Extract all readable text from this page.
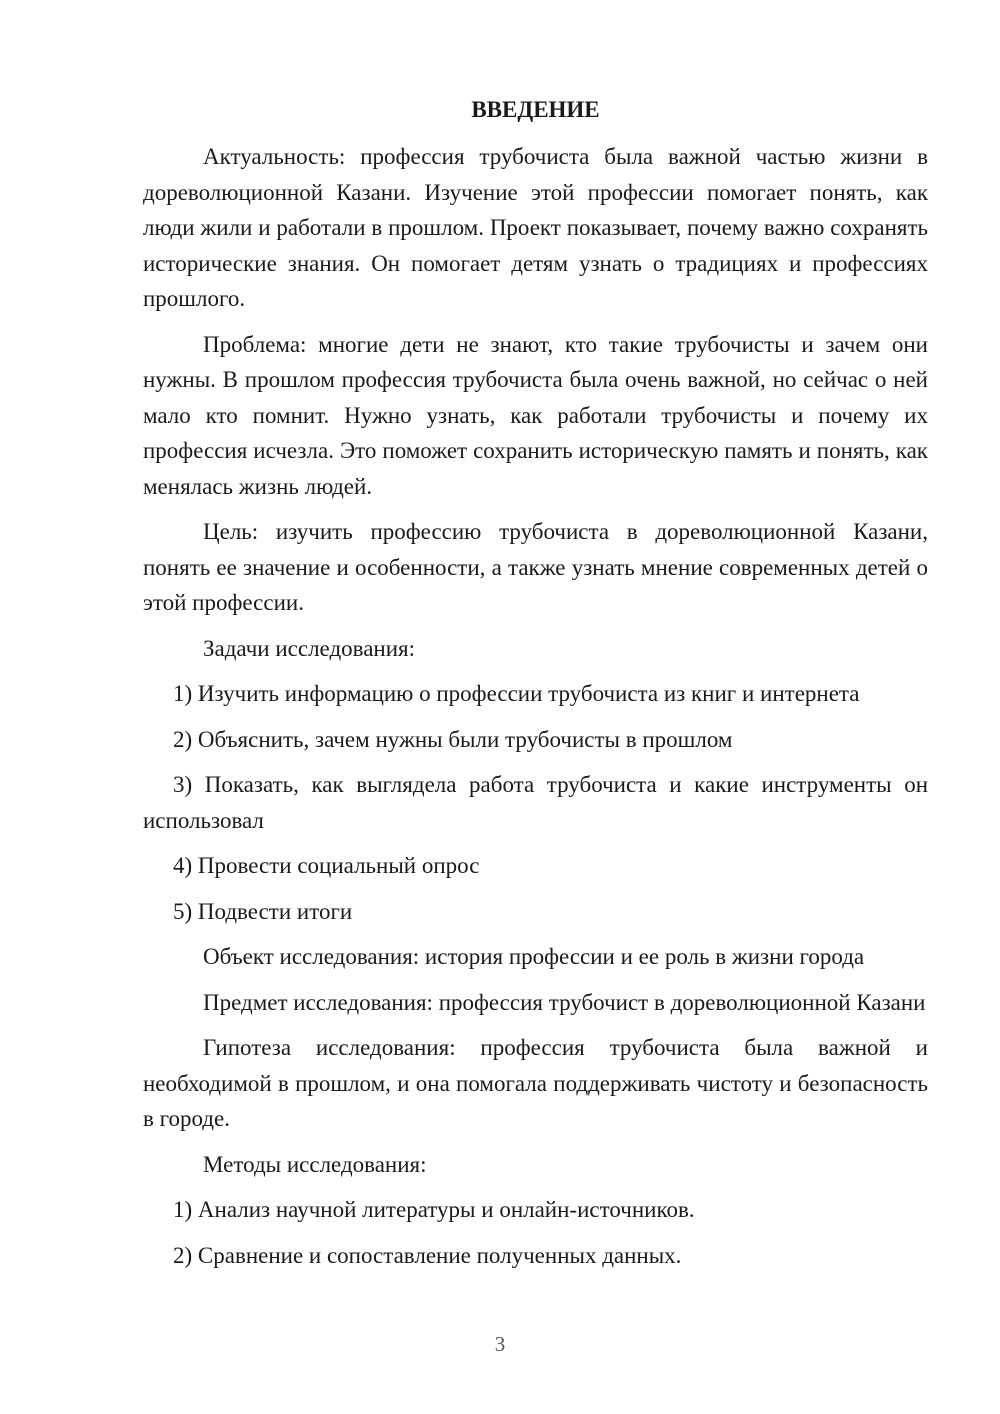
ВВЕДЕНИЕ
Актуальность: профессия трубочиста была важной частью жизни в дореволюционной Казани. Изучение этой профессии помогает понять, как люди жили и работали в прошлом. Проект показывает, почему важно сохранять исторические знания. Он помогает детям узнать о традициях и профессиях прошлого.
Проблема: многие дети не знают, кто такие трубочисты и зачем они нужны. В прошлом профессия трубочиста была очень важной, но сейчас о ней мало кто помнит. Нужно узнать, как работали трубочисты и почему их профессия исчезла. Это поможет сохранить историческую память и понять, как менялась жизнь людей.
Цель: изучить профессию трубочиста в дореволюционной Казани, понять ее значение и особенности, а также узнать мнение современных детей о этой профессии.
Задачи исследования:
1) Изучить информацию о профессии трубочиста из книг и интернета
2) Объяснить, зачем нужны были трубочисты в прошлом
3) Показать, как выглядела работа трубочиста и какие инструменты он использовал
4) Провести социальный опрос
5) Подвести итоги
Объект исследования: история профессии и ее роль в жизни города
Предмет исследования: профессия трубочист в дореволюционной Казани
Гипотеза исследования: профессия трубочиста была важной и необходимой в прошлом, и она помогала поддерживать чистоту и безопасность в городе.
Методы исследования:
1) Анализ научной литературы и онлайн-источников.
2) Сравнение и сопоставление полученных данных.
3
